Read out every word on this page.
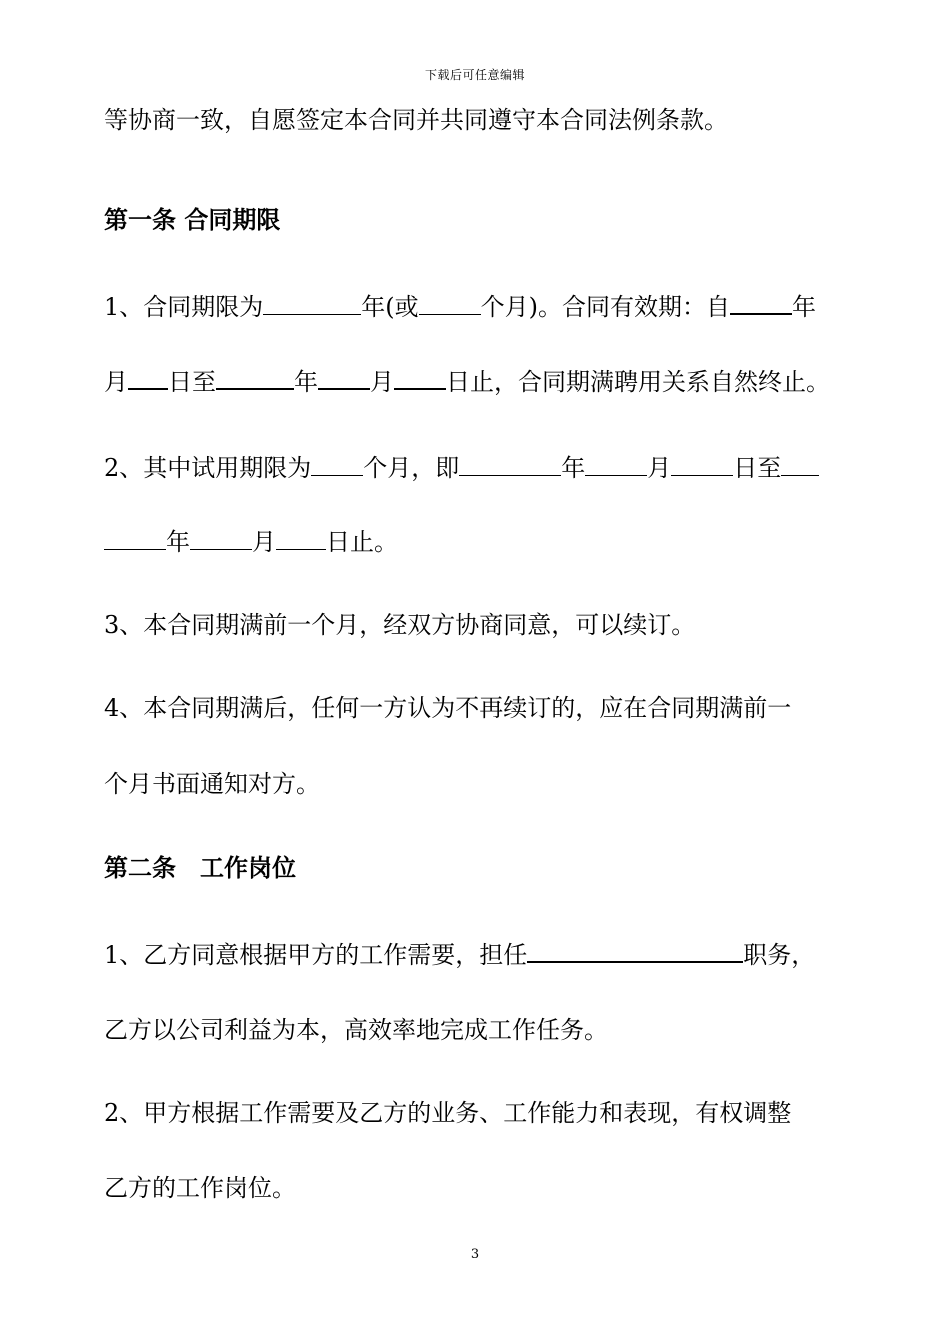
下载后可任意编辑
等协商一致，自愿签定本合同并共同遵守本合同法例条款。
第一条 合同期限
1、合同期限为	年(或	个月)。合同有效期：自	年
月 日至	年 月 日止，合同期满聘用关系自然终止。
2、其中试用期限为 个月，即	年	月	日至
年	月 日止。
3、本合同期满前一个月，经双方协商同意，可以续订。
4、本合同期满后，任何一方认为不再续订的，应在合同期满前一
个月书面通知对方。
第二条　工作岗位
1、乙方同意根据甲方的工作需要，担任	职务，
乙方以公司利益为本，高效率地完成工作任务。
2、甲方根据工作需要及乙方的业务、工作能力和表现，有权调整
乙方的工作岗位。
3
